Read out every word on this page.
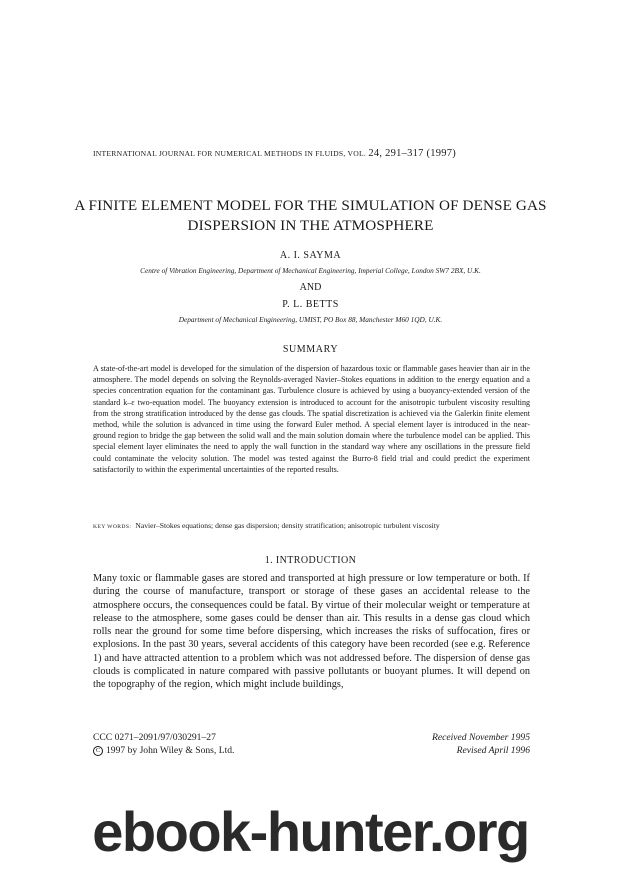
INTERNATIONAL JOURNAL FOR NUMERICAL METHODS IN FLUIDS, VOL. 24, 291–317 (1997)
A FINITE ELEMENT MODEL FOR THE SIMULATION OF DENSE GAS DISPERSION IN THE ATMOSPHERE
A. I. SAYMA
Centre of Vibration Engineering, Department of Mechanical Engineering, Imperial College, London SW7 2BX, U.K.
AND
P. L. BETTS
Department of Mechanical Engineering, UMIST, PO Box 88, Manchester M60 1QD, U.K.
SUMMARY
A state-of-the-art model is developed for the simulation of the dispersion of hazardous toxic or flammable gases heavier than air in the atmosphere. The model depends on solving the Reynolds-averaged Navier–Stokes equations in addition to the energy equation and a species concentration equation for the contaminant gas. Turbulence closure is achieved by using a buoyancy-extended version of the standard k–ε two-equation model. The buoyancy extension is introduced to account for the anisotropic turbulent viscosity resulting from the strong stratification introduced by the dense gas clouds. The spatial discretization is achieved via the Galerkin finite element method, while the solution is advanced in time using the forward Euler method. A special element layer is introduced in the near-ground region to bridge the gap between the solid wall and the main solution domain where the turbulence model can be applied. This special element layer eliminates the need to apply the wall function in the standard way where any oscillations in the pressure field could contaminate the velocity solution. The model was tested against the Burro-8 field trial and could predict the experiment satisfactorily to within the experimental uncertainties of the reported results.
KEY WORDS: Navier–Stokes equations; dense gas dispersion; density stratification; anisotropic turbulent viscosity
1. INTRODUCTION
Many toxic or flammable gases are stored and transported at high pressure or low temperature or both. If during the course of manufacture, transport or storage of these gases an accidental release to the atmosphere occurs, the consequences could be fatal. By virtue of their molecular weight or temperature at release to the atmosphere, some gases could be denser than air. This results in a dense gas cloud which rolls near the ground for some time before dispersing, which increases the risks of suffocation, fires or explosions. In the past 30 years, several accidents of this category have been recorded (see e.g. Reference 1) and have attracted attention to a problem which was not addressed before. The dispersion of dense gas clouds is complicated in nature compared with passive pollutants or buoyant plumes. It will depend on the topography of the region, which might include buildings,
CCC 0271–2091/97/030291–27
C 1997 by John Wiley & Sons, Ltd.
Received November 1995
Revised April 1996
ebook-hunter.org
